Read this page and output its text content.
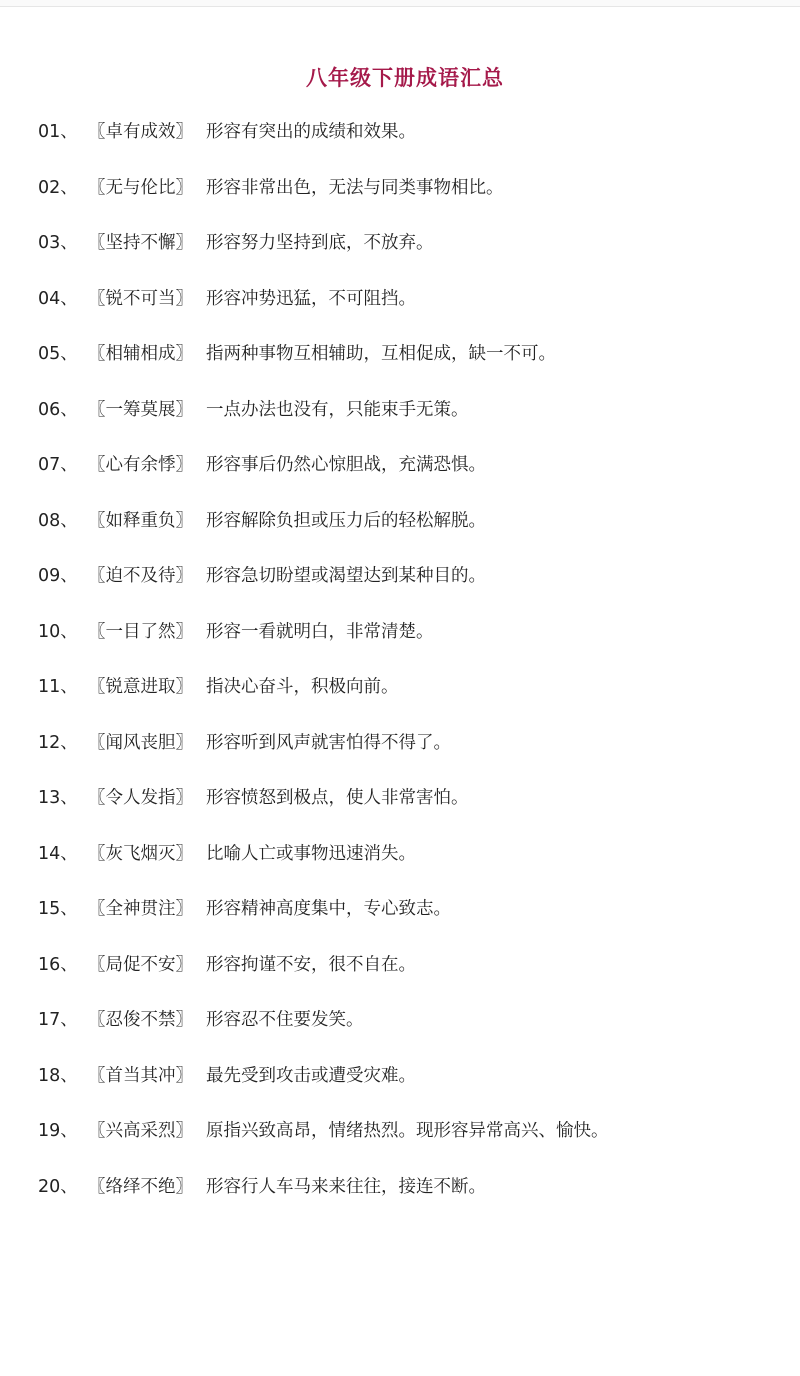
八年级下册成语汇总
01、 〖卓有成效〗 形容有突出的成绩和效果。
02、 〖无与伦比〗 形容非常出色，无法与同类事物相比。
03、 〖坚持不懈〗 形容努力坚持到底，不放弃。
04、 〖锐不可当〗 形容冲势迅猛，不可阻挡。
05、 〖相辅相成〗 指两种事物互相辅助，互相促成，缺一不可。
06、 〖一筹莫展〗 一点办法也没有，只能束手无策。
07、 〖心有余悸〗 形容事后仍然心惊胆战，充满恐惧。
08、 〖如释重负〗 形容解除负担或压力后的轻松解脱。
09、 〖迫不及待〗 形容急切盼望或渴望达到某种目的。
10、 〖一目了然〗 形容一看就明白，非常清楚。
11、 〖锐意进取〗 指决心奋斗，积极向前。
12、 〖闻风丧胆〗 形容听到风声就害怕得不得了。
13、 〖令人发指〗 形容愤怒到极点，使人非常害怕。
14、 〖灰飞烟灭〗 比喻人亡或事物迅速消失。
15、 〖全神贯注〗 形容精神高度集中，专心致志。
16、 〖局促不安〗 形容拘谨不安，很不自在。
17、 〖忍俊不禁〗 形容忍不住要发笑。
18、 〖首当其冲〗 最先受到攻击或遭受灾难。
19、 〖兴高采烈〗 原指兴致高昂，情绪热烈。现形容异常高兴、愉快。
20、 〖络绎不绝〗 形容行人车马来来往往，接连不断。
